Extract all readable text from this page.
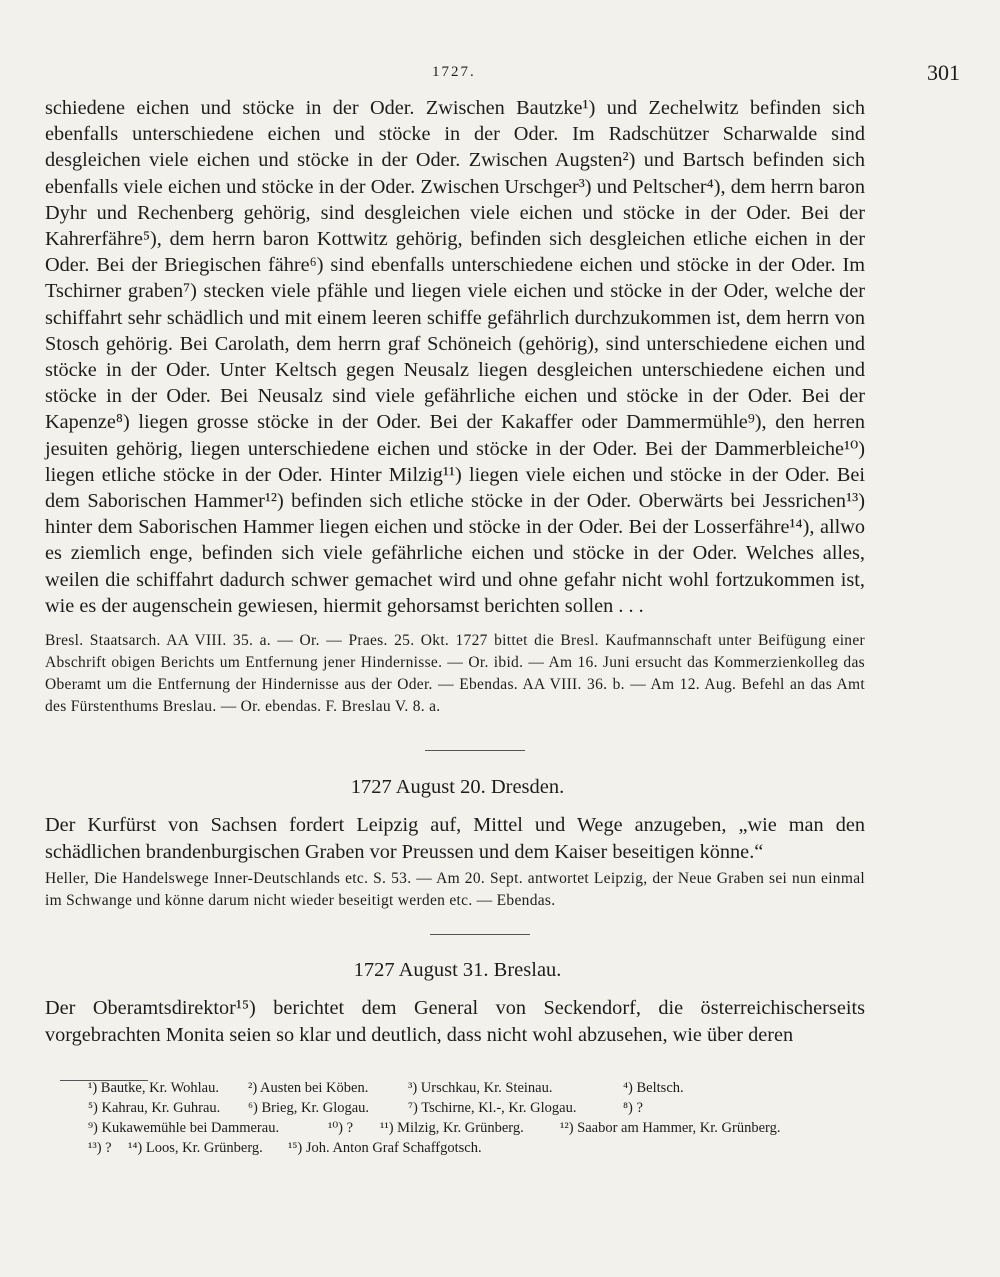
1727.	301
schiedene eichen und stöcke in der Oder. Zwischen Bautzke¹) und Zechelwitz befinden sich ebenfalls unterschiedene eichen und stöcke in der Oder. Im Radschützer Scharwalde sind desgleichen viele eichen und stöcke in der Oder. Zwischen Augsten²) und Bartsch befinden sich ebenfalls viele eichen und stöcke in der Oder. Zwischen Urschger³) und Peltscher⁴), dem herrn baron Dyhr und Rechenberg gehörig, sind desgleichen viele eichen und stöcke in der Oder. Bei der Kahrerfähre⁵), dem herrn baron Kottwitz gehörig, befinden sich desgleichen etliche eichen in der Oder. Bei der Briegischen fähre⁶) sind ebenfalls unterschiedene eichen und stöcke in der Oder. Im Tschirner graben⁷) stecken viele pfähle und liegen viele eichen und stöcke in der Oder, welche der schiffahrt sehr schädlich und mit einem leeren schiffe gefährlich durchzukommen ist, dem herrn von Stosch gehörig. Bei Carolath, dem herrn graf Schöneich (gehörig), sind unterschiedene eichen und stöcke in der Oder. Unter Keltsch gegen Neusalz liegen desgleichen unterschiedene eichen und stöcke in der Oder. Bei Neusalz sind viele gefährliche eichen und stöcke in der Oder. Bei der Kapenze⁸) liegen grosse stöcke in der Oder. Bei der Kakaffer oder Dammermühle⁹), den herren jesuiten gehörig, liegen unterschiedene eichen und stöcke in der Oder. Bei der Dammerbleiche¹⁰) liegen etliche stöcke in der Oder. Hinter Milzig¹¹) liegen viele eichen und stöcke in der Oder. Bei dem Saborischen Hammer¹²) befinden sich etliche stöcke in der Oder. Oberwärts bei Jessrichen¹³) hinter dem Saborischen Hammer liegen eichen und stöcke in der Oder. Bei der Losserfähre¹⁴), allwo es ziemlich enge, befinden sich viele gefährliche eichen und stöcke in der Oder. Welches alles, weilen die schiffahrt dadurch schwer gemachet wird und ohne gefahr nicht wohl fortzukommen ist, wie es der augenschein gewiesen, hiermit gehorsamst berichten sollen . . .
Bresl. Staatsarch. AA VIII. 35. a. — Or. — Praes. 25. Okt. 1727 bittet die Bresl. Kaufmannschaft unter Beifügung einer Abschrift obigen Berichts um Entfernung jener Hindernisse. — Or. ibid. — Am 16. Juni ersucht das Kommerzienkolleg das Oberamt um die Entfernung der Hindernisse aus der Oder. — Ebendas. AA VIII. 36. b. — Am 12. Aug. Befehl an das Amt des Fürstenthums Breslau. — Or. ebendas. F. Breslau V. 8. a.
1727 August 20. Dresden.
Der Kurfürst von Sachsen fordert Leipzig auf, Mittel und Wege anzugeben, „wie man den schädlichen brandenburgischen Graben vor Preussen und dem Kaiser beseitigen könne.“
Heller, Die Handelswege Inner-Deutschlands etc. S. 53. — Am 20. Sept. antwortet Leipzig, der Neue Graben sei nun einmal im Schwange und könne darum nicht wieder beseitigt werden etc. — Ebendas.
1727 August 31. Breslau.
Der Oberamtsdirektor¹⁵) berichtet dem General von Seckendorf, die österreichischerseits vorgebrachten Monita seien so klar und deutlich, dass nicht wohl abzusehen, wie über deren
¹) Bautke, Kr. Wohlau. ²) Austen bei Köben.	³) Urschkau, Kr. Steinau.	⁴) Beltsch.
⁵) Kahrau, Kr. Guhrau. ⁶) Brieg, Kr. Glogau.	⁷) Tschirne, Kl.-, Kr. Glogau.	⁸) ?
⁹) Kukawemühle bei Dammerau.	¹⁰) ? ¹¹) Milzig, Kr. Grünberg.	¹²) Saabor am Hammer, Kr. Grünberg.
¹³) ? ¹⁴) Loos, Kr. Grünberg. ¹⁵) Joh. Anton Graf Schaffgotsch.
